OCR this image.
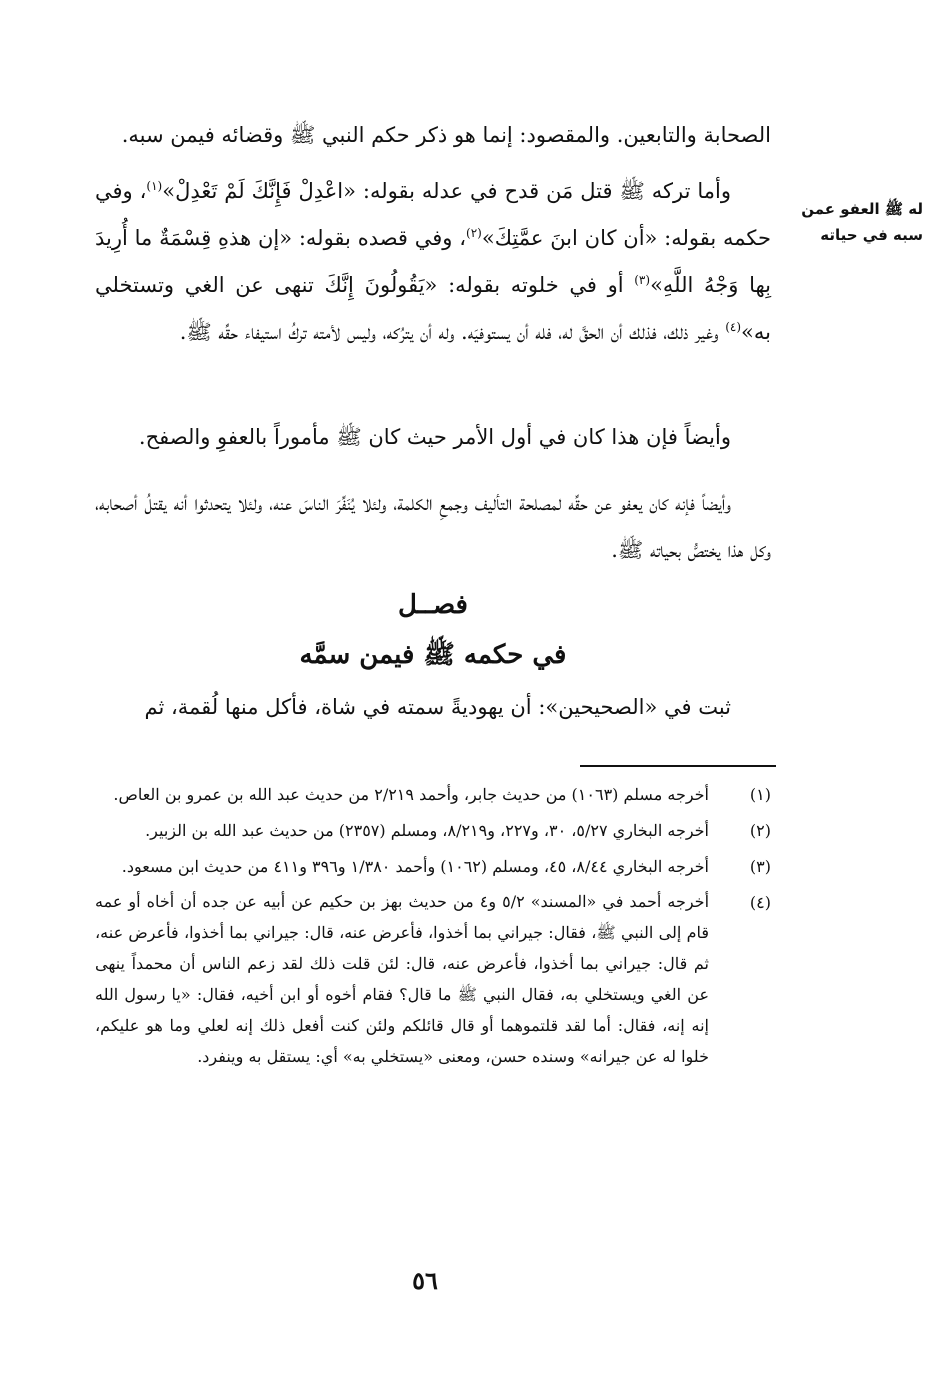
له ﷺ العفو عمن سبه في حياته

الصحابة والتابعين. والمقصود: إنما هو ذكر حكم النبي ﷺ وقضائه فيمن سبه.

وأما تركه ﷺ قتل مَن قدح في عدله بقوله: «اعْدِلْ فَإِنَّكَ لَمْ تَعْدِلْ»$^{(١)}$، وفي حكمه بقوله: «أن كان ابنَ عمَّتِكَ»$^{(٢)}$، وفي قصده بقوله: «إن هذهِ قِسْمَةٌ ما أُرِيدَ بِها وَجْهُ اللَّهِ»$^{(٣)}$ أو في خلوته بقوله: «يَقُولُونَ إِنَّكَ تنهى عن الغي وتستخلي به»$^{(٤)}$ وغير ذلك، فذلك أن الحقَّ له، فله أن يستوفيَه. وله أن يترُكه، وليس لأمته تركُ استيفاء حقِّه ﷺ.

وأيضاً فإن هذا كان في أول الأمر حيث كان ﷺ مأموراً بالعفوِ والصفح.

وأيضاً فإنه كان يعفو عن حقِّه لمصلحة التأليف وجمعِ الكلمة، ولئلا يُنَفِّرَ الناسَ عنه، ولئلا يتحدثوا أنه يقتلُ أصحابه، وكل هذا يختصُّ بحياته ﷺ.

فصــل
في حكمه ﷺ فيمن سمَّه

ثبت في «الصحيحين»: أن يهوديةً سمته في شاة، فأكل منها لُقمة، ثم

(١)
أخرجه مسلم (١٠٦٣) من حديث جابر، وأحمد ٢/٢١٩ من حديث عبد الله بن عمرو بن العاص.
(٢)
أخرجه البخاري ٥/٢٧، ٣٠، و٢٢٧، و٨/٢١٩، ومسلم (٢٣٥٧) من حديث عبد الله بن الزبير.
(٣)
أخرجه البخاري ٨/٤٤، ٤٥، ومسلم (١٠٦٢) وأحمد ١/٣٨٠ و٣٩٦ و٤١١ من حديث ابن مسعود.
(٤)
أخرجه أحمد في «المسند» ٥/٢ و٤ من حديث بهز بن حكيم عن أبيه عن جده أن أخاه أو عمه قام إلى النبي ﷺ، فقال: جيراني بما أخذوا، فأعرض عنه، قال: جيراني بما أخذوا، فأعرض عنه، ثم قال: جيراني بما أخذوا، فأعرض عنه، قال: لئن قلت ذلك لقد زعم الناس أن محمداً ينهى عن الغي ويستخلي به، فقال النبي ﷺ ما قال؟ فقام أخوه أو ابن أخيه، فقال: «يا رسول الله إنه إنه، فقال: أما لقد قلتموهما أو قال قائلكم ولئن كنت أفعل ذلك إنه لعلي وما هو عليكم، خلوا له عن جيرانه» وسنده حسن، ومعنى «يستخلي به» أي: يستقل به وينفرد.
٥٦
